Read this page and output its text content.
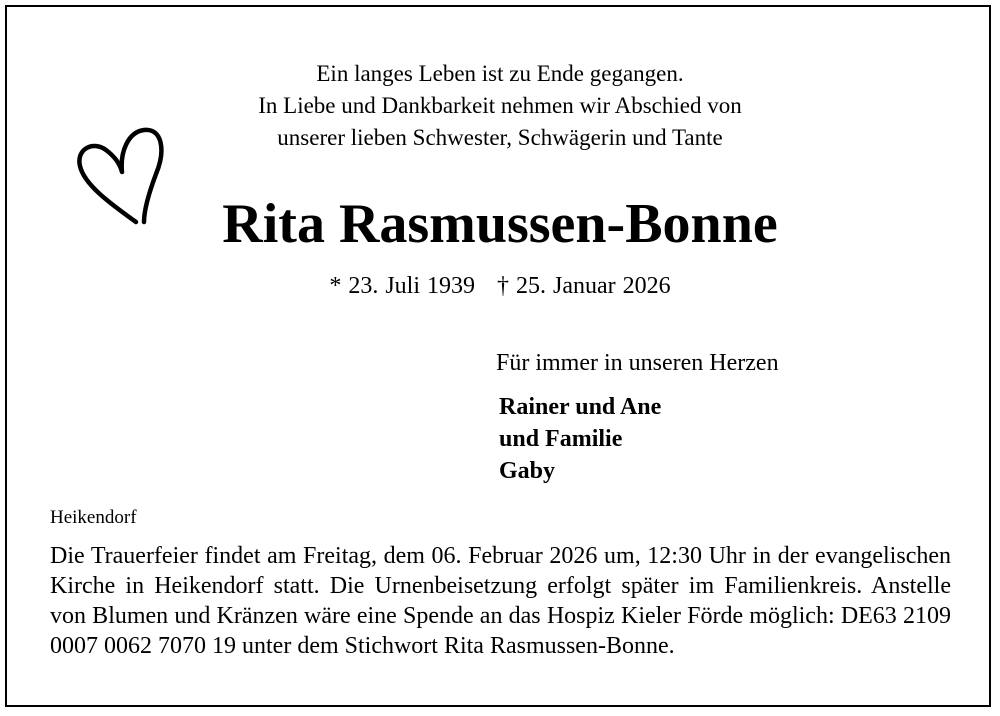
Ein langes Leben ist zu Ende gegangen.
In Liebe und Dankbarkeit nehmen wir Abschied von
unserer lieben Schwester, Schwägerin und Tante

Rita Rasmussen-Bonne
* 23. Juli 1939 † 25. Januar 2026
Für immer in unseren Herzen
Rainer und Ane
und Familie
Gaby
Heikendorf

Die Trauerfeier findet am Freitag, dem 06. Februar 2026 um, 12:30 Uhr in der evangelischen Kirche in Heikendorf statt. Die Urnenbeisetzung erfolgt später im Familienkreis. Anstelle von Blumen und Kränzen wäre eine Spende an das Hospiz Kieler Förde möglich: DE63 2109 0007 0062 7070 19 unter dem Stichwort Rita Rasmussen-Bonne.
